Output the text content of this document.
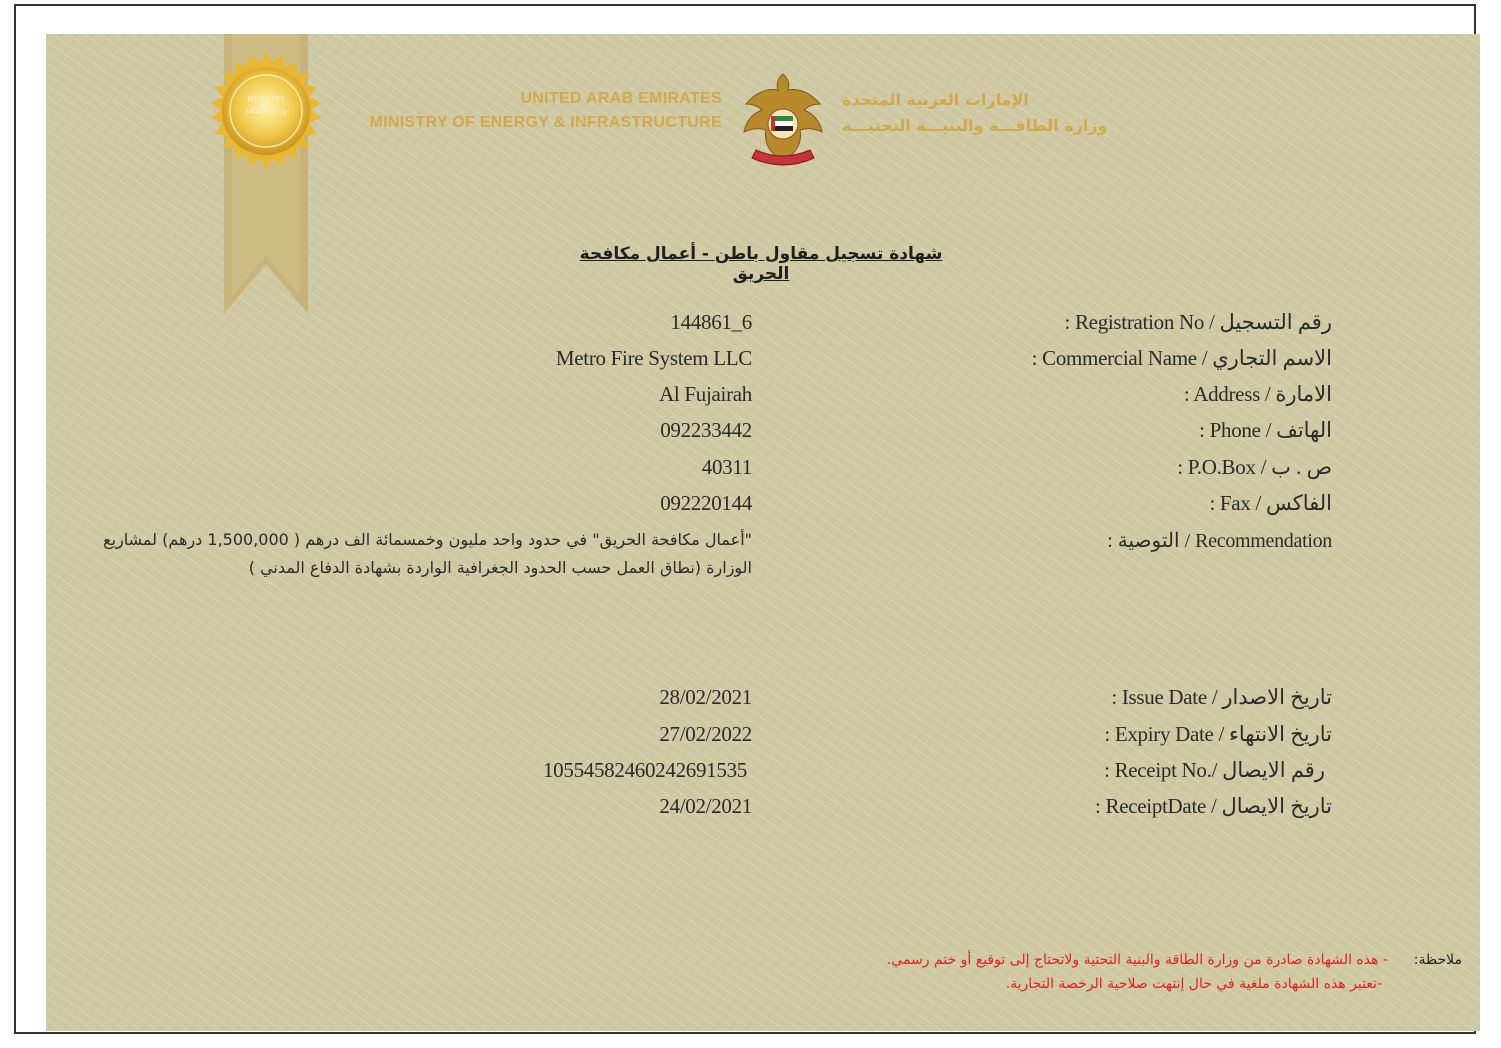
MINISTRY
وزارة الطاقة
UNITED ARAB EMIRATES
MINISTRY OF ENERGY & INFRASTRUCTURE
الإمارات العربية المتحدة
وزارة الطاقـــة والبنيـــة التحتيـــة
شهادة تسجيل مقاول باطن - أعمال مكافحة الحريق
144861_6	: Registration No / رقم التسجيل
Metro Fire System LLC	: Commercial Name / الاسم التجاري
Al Fujairah	: Address / الامارة
092233442	: Phone / الهاتف
40311	: P.O.Box / ص . ب
092220144	: Fax / الفاكس
: التوصية / Recommendation
"أعمال مكافحة الحريق" في حدود واحد مليون وخمسمائة الف درهم ( 1,500,000 درهم) لمشاريع
الوزارة (نطاق العمل حسب الحدود الجغرافية الواردة بشهادة الدفاع المدني )
28/02/2021	: Issue Date / تاريخ الاصدار
27/02/2022	: Expiry Date / تاريخ الانتهاء
10554582460242691535	: Receipt No./ رقم الايصال
24/02/2021	: ReceiptDate / تاريخ الايصال
ملاحظة:
- هذه الشهادة صادرة من وزارة الطاقة والبنية التحتية ولاتحتاج إلى توقيع أو ختم رسمي.
-تعتبر هذه الشهادة ملغية في حال إنتهت صلاحية الرخصة التجارية.
